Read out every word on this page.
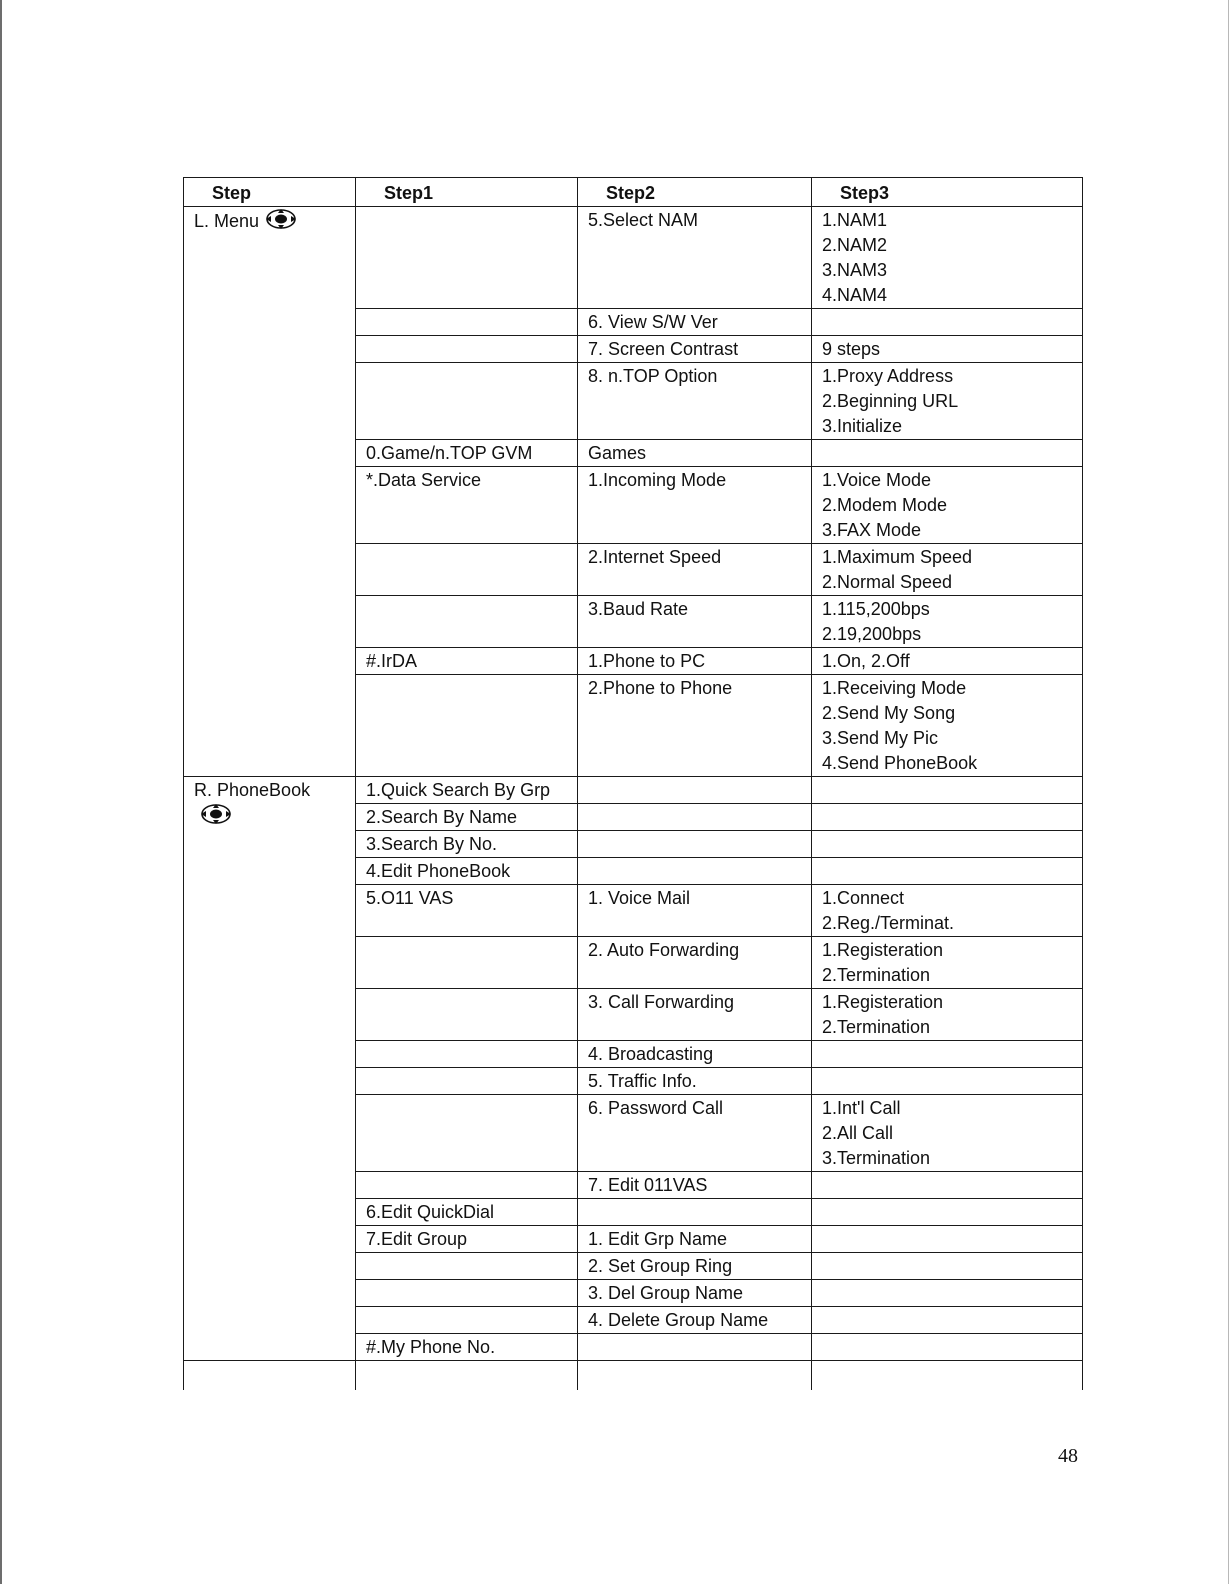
Step	Step1	Step2	Step3
L. Menu		5.Select NAM	1.NAM1
2.NAM2
3.NAM3
4.NAM4

		6. View S/W Ver	

		7. Screen Contrast	9 steps

		8. n.TOP Option	1.Proxy Address
2.Beginning URL
3.Initialize

	0.Game/n.TOP GVM	Games	

	*.Data Service	1.Incoming Mode	1.Voice Mode
2.Modem Mode
3.FAX Mode

		2.Internet Speed	1.Maximum Speed
2.Normal Speed

		3.Baud Rate	1.115,200bps
2.19,200bps

	#.IrDA	1.Phone to PC	1.On, 2.Off

		2.Phone to Phone	1.Receiving Mode
2.Send My Song
3.Send My Pic
4.Send PhoneBook

R. PhoneBook	1.Quick Search By Grp		

	2.Search By Name		

	3.Search By No.		

	4.Edit PhoneBook		

	5.O11 VAS	1. Voice Mail	1.Connect
2.Reg./Terminat.

		2. Auto Forwarding	1.Registeration
2.Termination

		3. Call Forwarding	1.Registeration
2.Termination

		4. Broadcasting	

		5. Traffic Info.	

		6. Password Call	1.Int'l Call
2.All Call
3.Termination

		7. Edit 011VAS	

	6.Edit QuickDial		

	7.Edit Group	1. Edit Grp Name	

		2. Set Group Ring	

		3. Del Group Name	

		4. Delete Group Name	

	#.My Phone No.		

48
